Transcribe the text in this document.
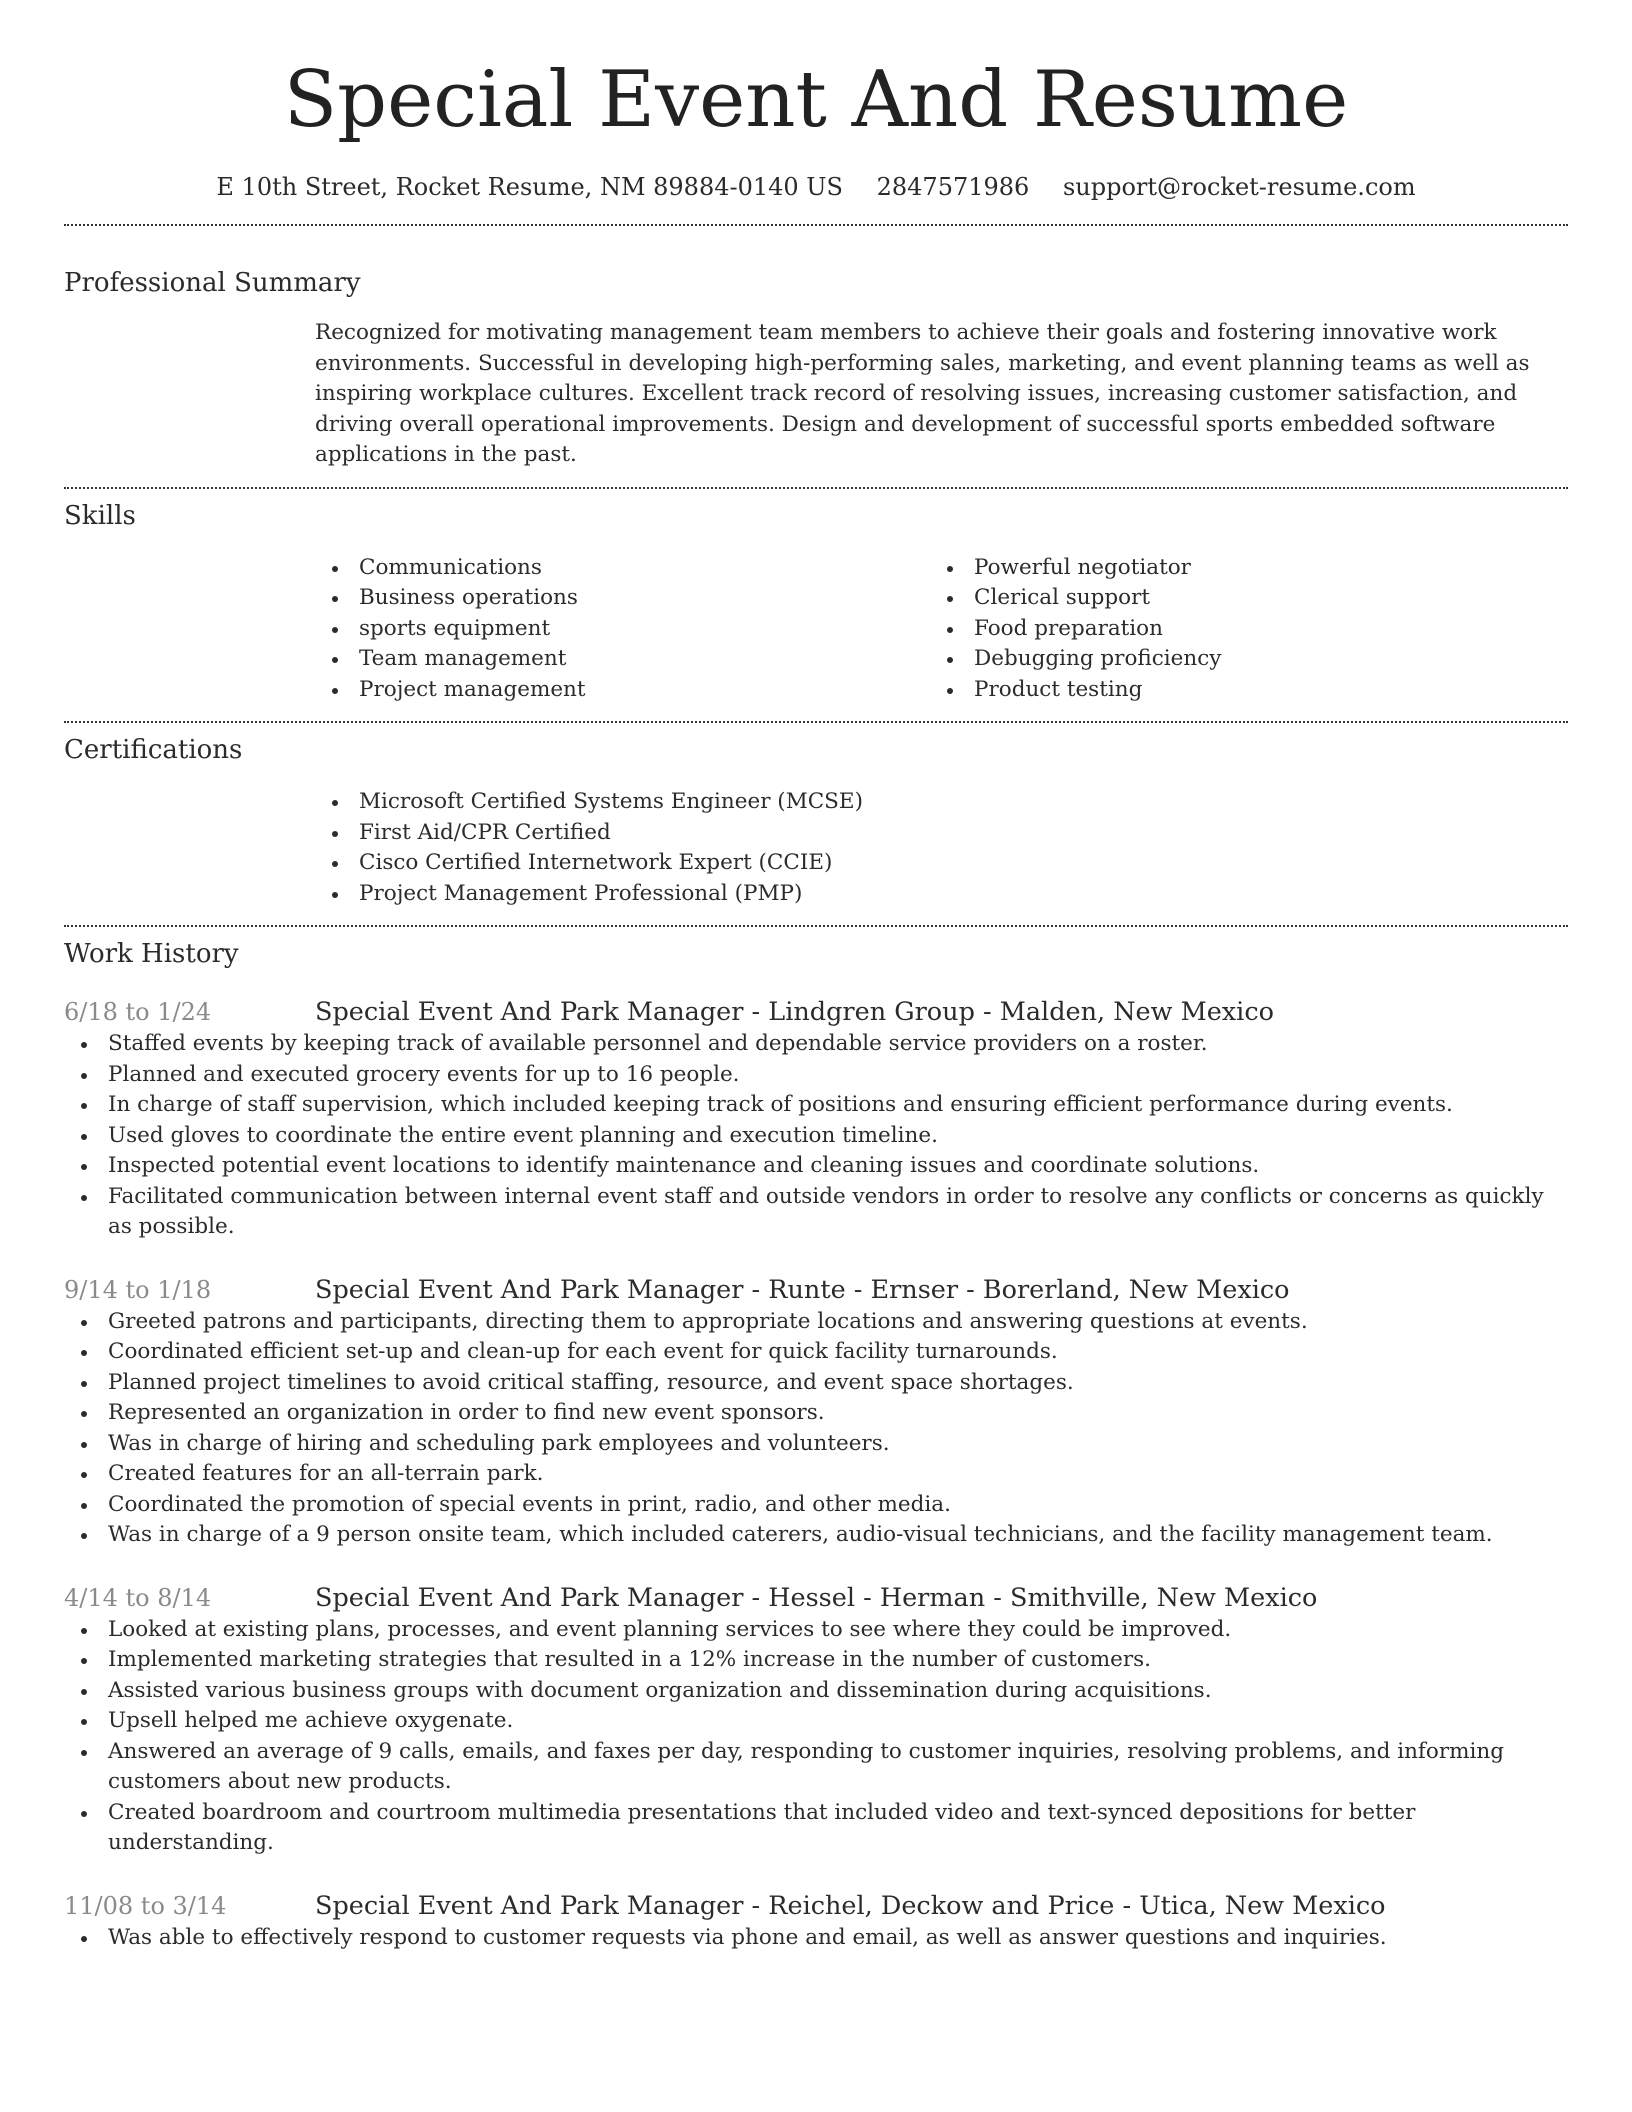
Special Event And Resume
E 10th Street, Rocket Resume, NM 89884-0140 US 2847571986 support@rocket-resume.com
Professional Summary

Recognized for motivating management team members to achieve their goals and fostering innovative work environments. Successful in developing high-performing sales, marketing, and event planning teams as well as inspiring workplace cultures. Excellent track record of resolving issues, increasing customer satisfaction, and driving overall operational improvements. Design and development of successful sports embedded software applications in the past.

Skills
Communications
Business operations
sports equipment
Team management
Project management
Powerful negotiator
Clerical support
Food preparation
Debugging proficiency
Product testing
Certifications
Microsoft Certified Systems Engineer (MCSE)
First Aid/CPR Certified
Cisco Certified Internetwork Expert (CCIE)
Project Management Professional (PMP)
Work History
6/18 to 1/24	Special Event And Park Manager - Lindgren Group - Malden, New Mexico
Staffed events by keeping track of available personnel and dependable service providers on a roster.
Planned and executed grocery events for up to 16 people.
In charge of staff supervision, which included keeping track of positions and ensuring efficient performance during events.
Used gloves to coordinate the entire event planning and execution timeline.
Inspected potential event locations to identify maintenance and cleaning issues and coordinate solutions.
Facilitated communication between internal event staff and outside vendors in order to resolve any conflicts or concerns as quickly as possible.
9/14 to 1/18	Special Event And Park Manager - Runte - Ernser - Borerland, New Mexico
Greeted patrons and participants, directing them to appropriate locations and answering questions at events.
Coordinated efficient set-up and clean-up for each event for quick facility turnarounds.
Planned project timelines to avoid critical staffing, resource, and event space shortages.
Represented an organization in order to find new event sponsors.
Was in charge of hiring and scheduling park employees and volunteers.
Created features for an all-terrain park.
Coordinated the promotion of special events in print, radio, and other media.
Was in charge of a 9 person onsite team, which included caterers, audio-visual technicians, and the facility management team.
4/14 to 8/14	Special Event And Park Manager - Hessel - Herman - Smithville, New Mexico
Looked at existing plans, processes, and event planning services to see where they could be improved.
Implemented marketing strategies that resulted in a 12% increase in the number of customers.
Assisted various business groups with document organization and dissemination during acquisitions.
Upsell helped me achieve oxygenate.
Answered an average of 9 calls, emails, and faxes per day, responding to customer inquiries, resolving problems, and informing customers about new products.
Created boardroom and courtroom multimedia presentations that included video and text-synced depositions for better understanding.
11/08 to 3/14	Special Event And Park Manager - Reichel, Deckow and Price - Utica, New Mexico
Was able to effectively respond to customer requests via phone and email, as well as answer questions and inquiries.
